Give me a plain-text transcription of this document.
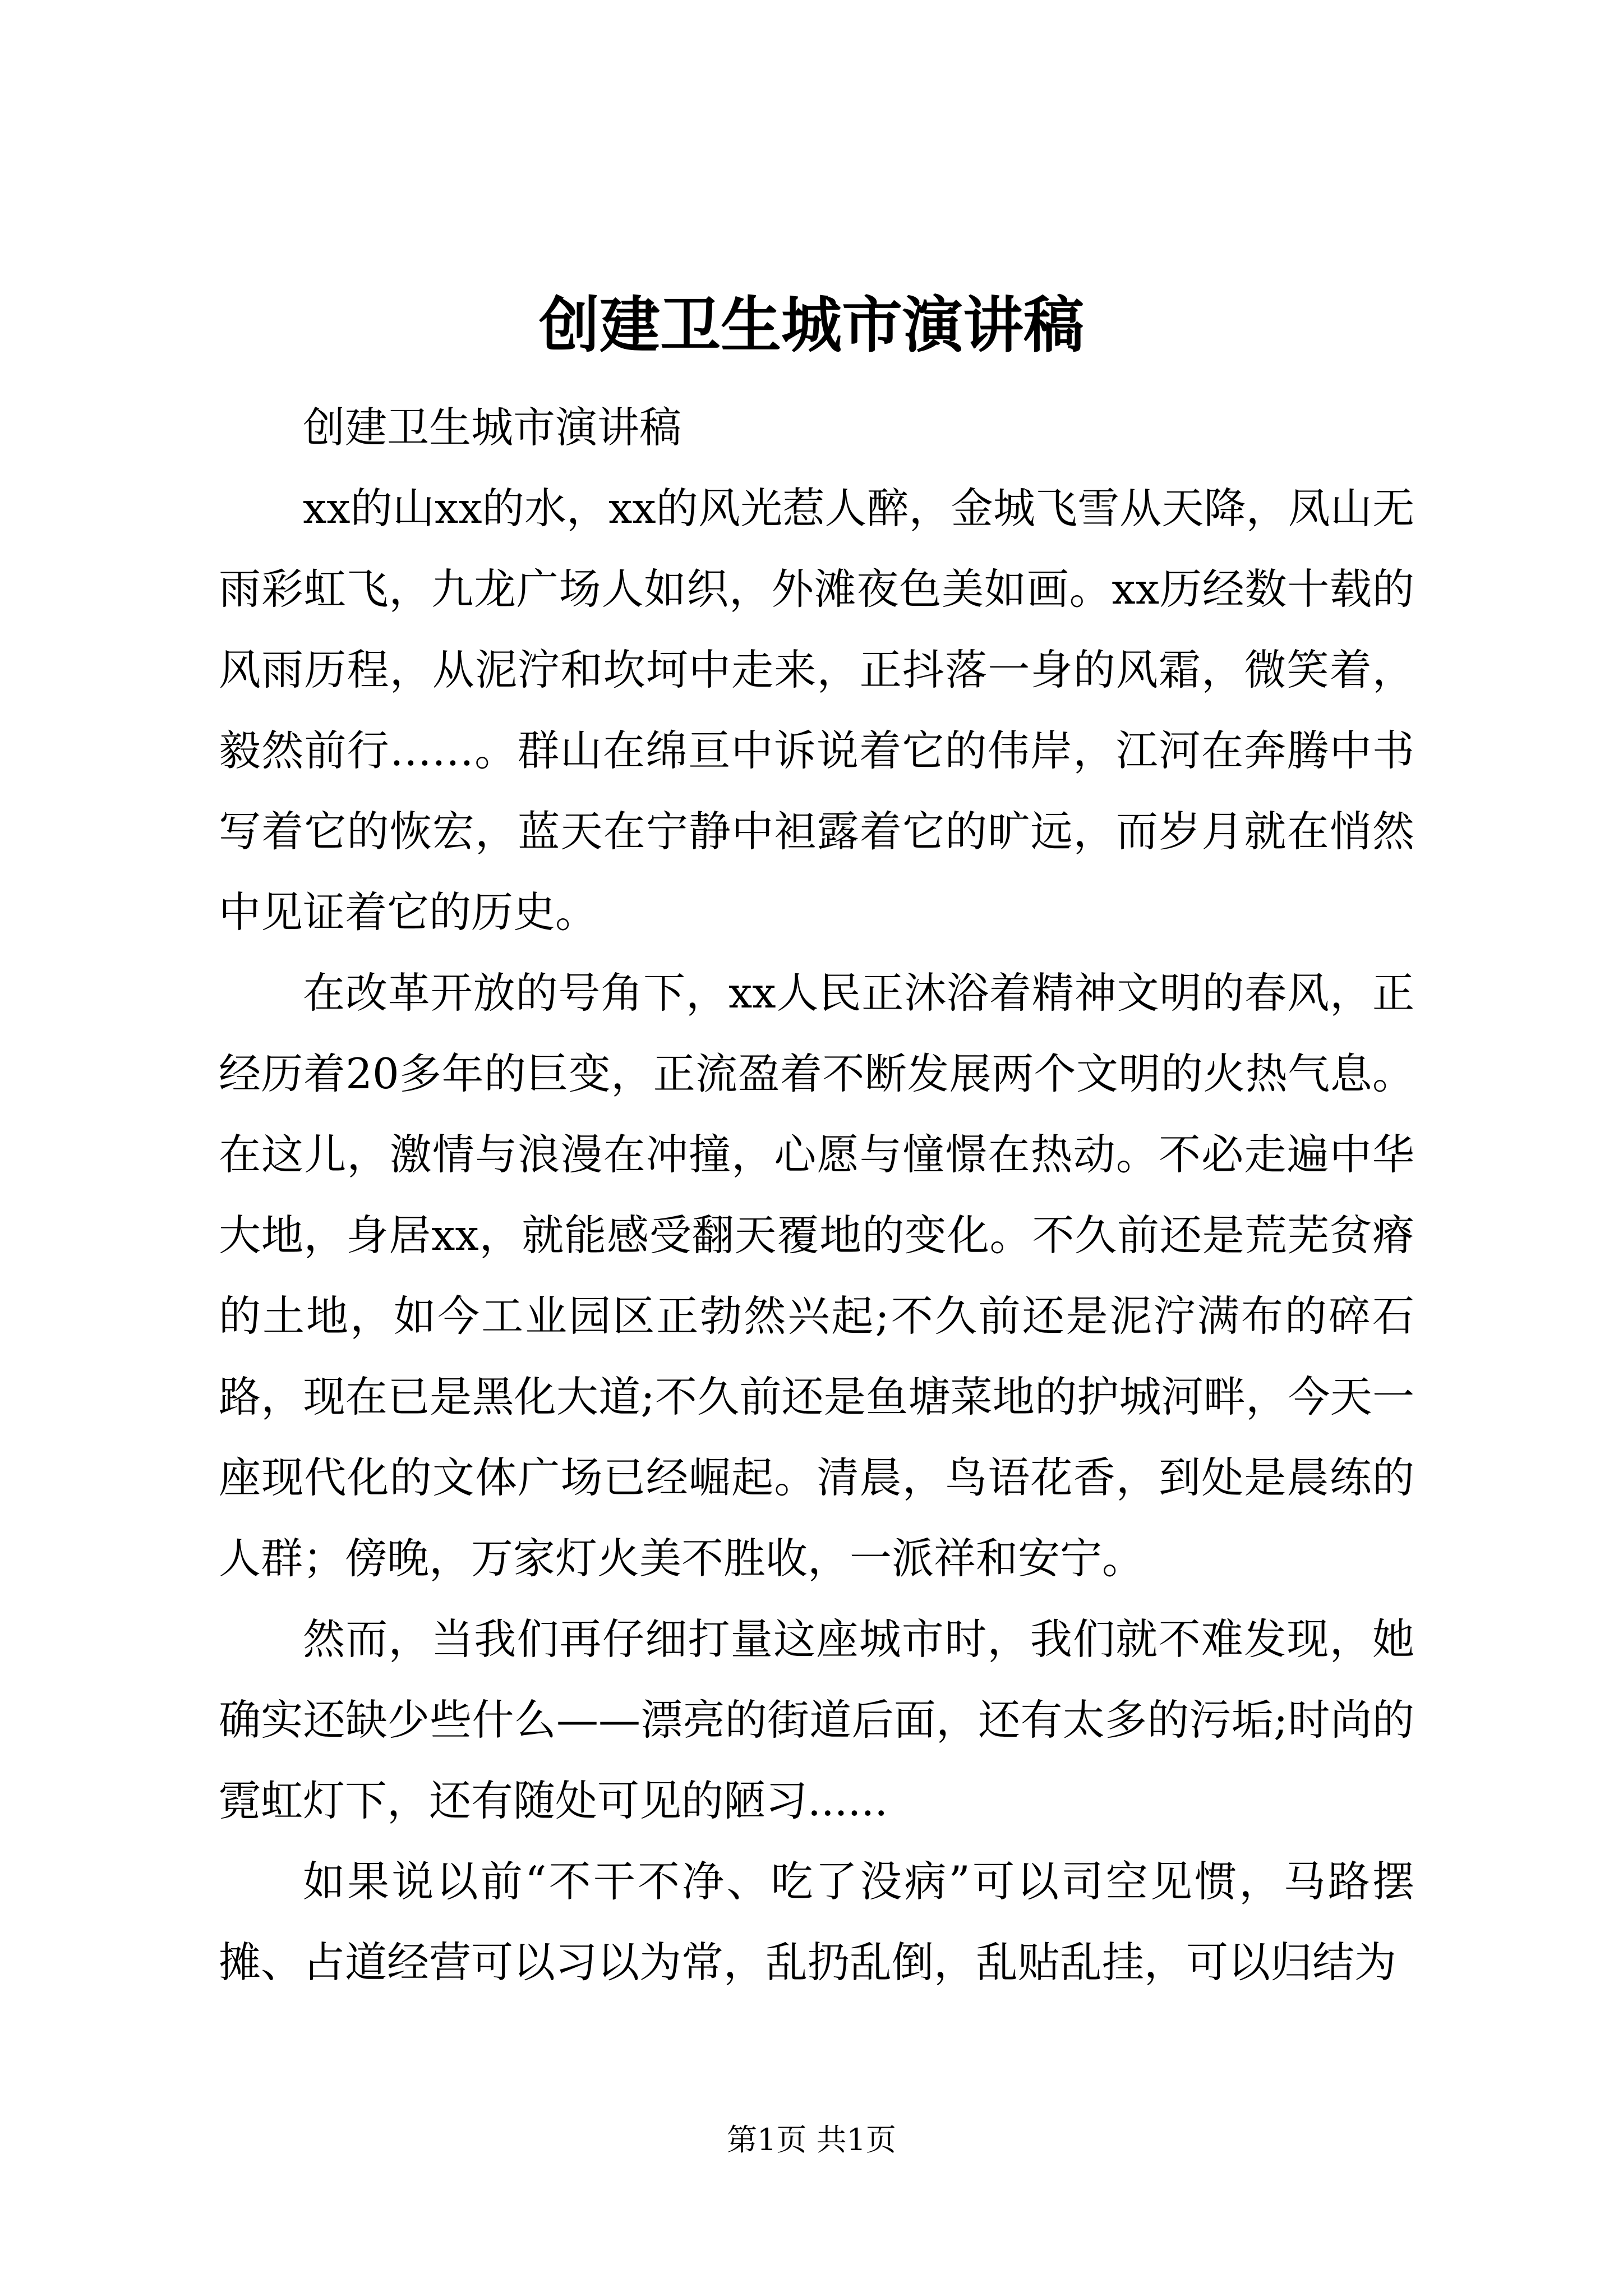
创建卫生城市演讲稿

创建卫生城市演讲稿

xx的山xx的水，xx的风光惹人醉，金城飞雪从天降，凤山无雨彩虹飞，九龙广场人如织，外滩夜色美如画。xx历经数十载的风雨历程，从泥泞和坎坷中走来，正抖落一身的风霜，微笑着，毅然前行……。群山在绵亘中诉说着它的伟岸，江河在奔腾中书写着它的恢宏，蓝天在宁静中袒露着它的旷远，而岁月就在悄然中见证着它的历史。

在改革开放的号角下，xx人民正沐浴着精神文明的春风，正经历着20多年的巨变，正流盈着不断发展两个文明的火热气息。在这儿，激情与浪漫在冲撞，心愿与憧憬在热动。不必走遍中华大地，身居xx，就能感受翻天覆地的变化。不久前还是荒芜贫瘠的土地，如今工业园区正勃然兴起;不久前还是泥泞满布的碎石路，现在已是黑化大道;不久前还是鱼塘菜地的护城河畔，今天一座现代化的文体广场已经崛起。清晨，鸟语花香，到处是晨练的人群；傍晚，万家灯火美不胜收，一派祥和安宁。

然而，当我们再仔细打量这座城市时，我们就不难发现，她确实还缺少些什么——漂亮的街道后面，还有太多的污垢;时尚的霓虹灯下，还有随处可见的陋习......

如果说以前“不干不净、吃了没病”可以司空见惯，马路摆摊、占道经营可以习以为常，乱扔乱倒，乱贴乱挂，可以归结为

第1页 共1页
